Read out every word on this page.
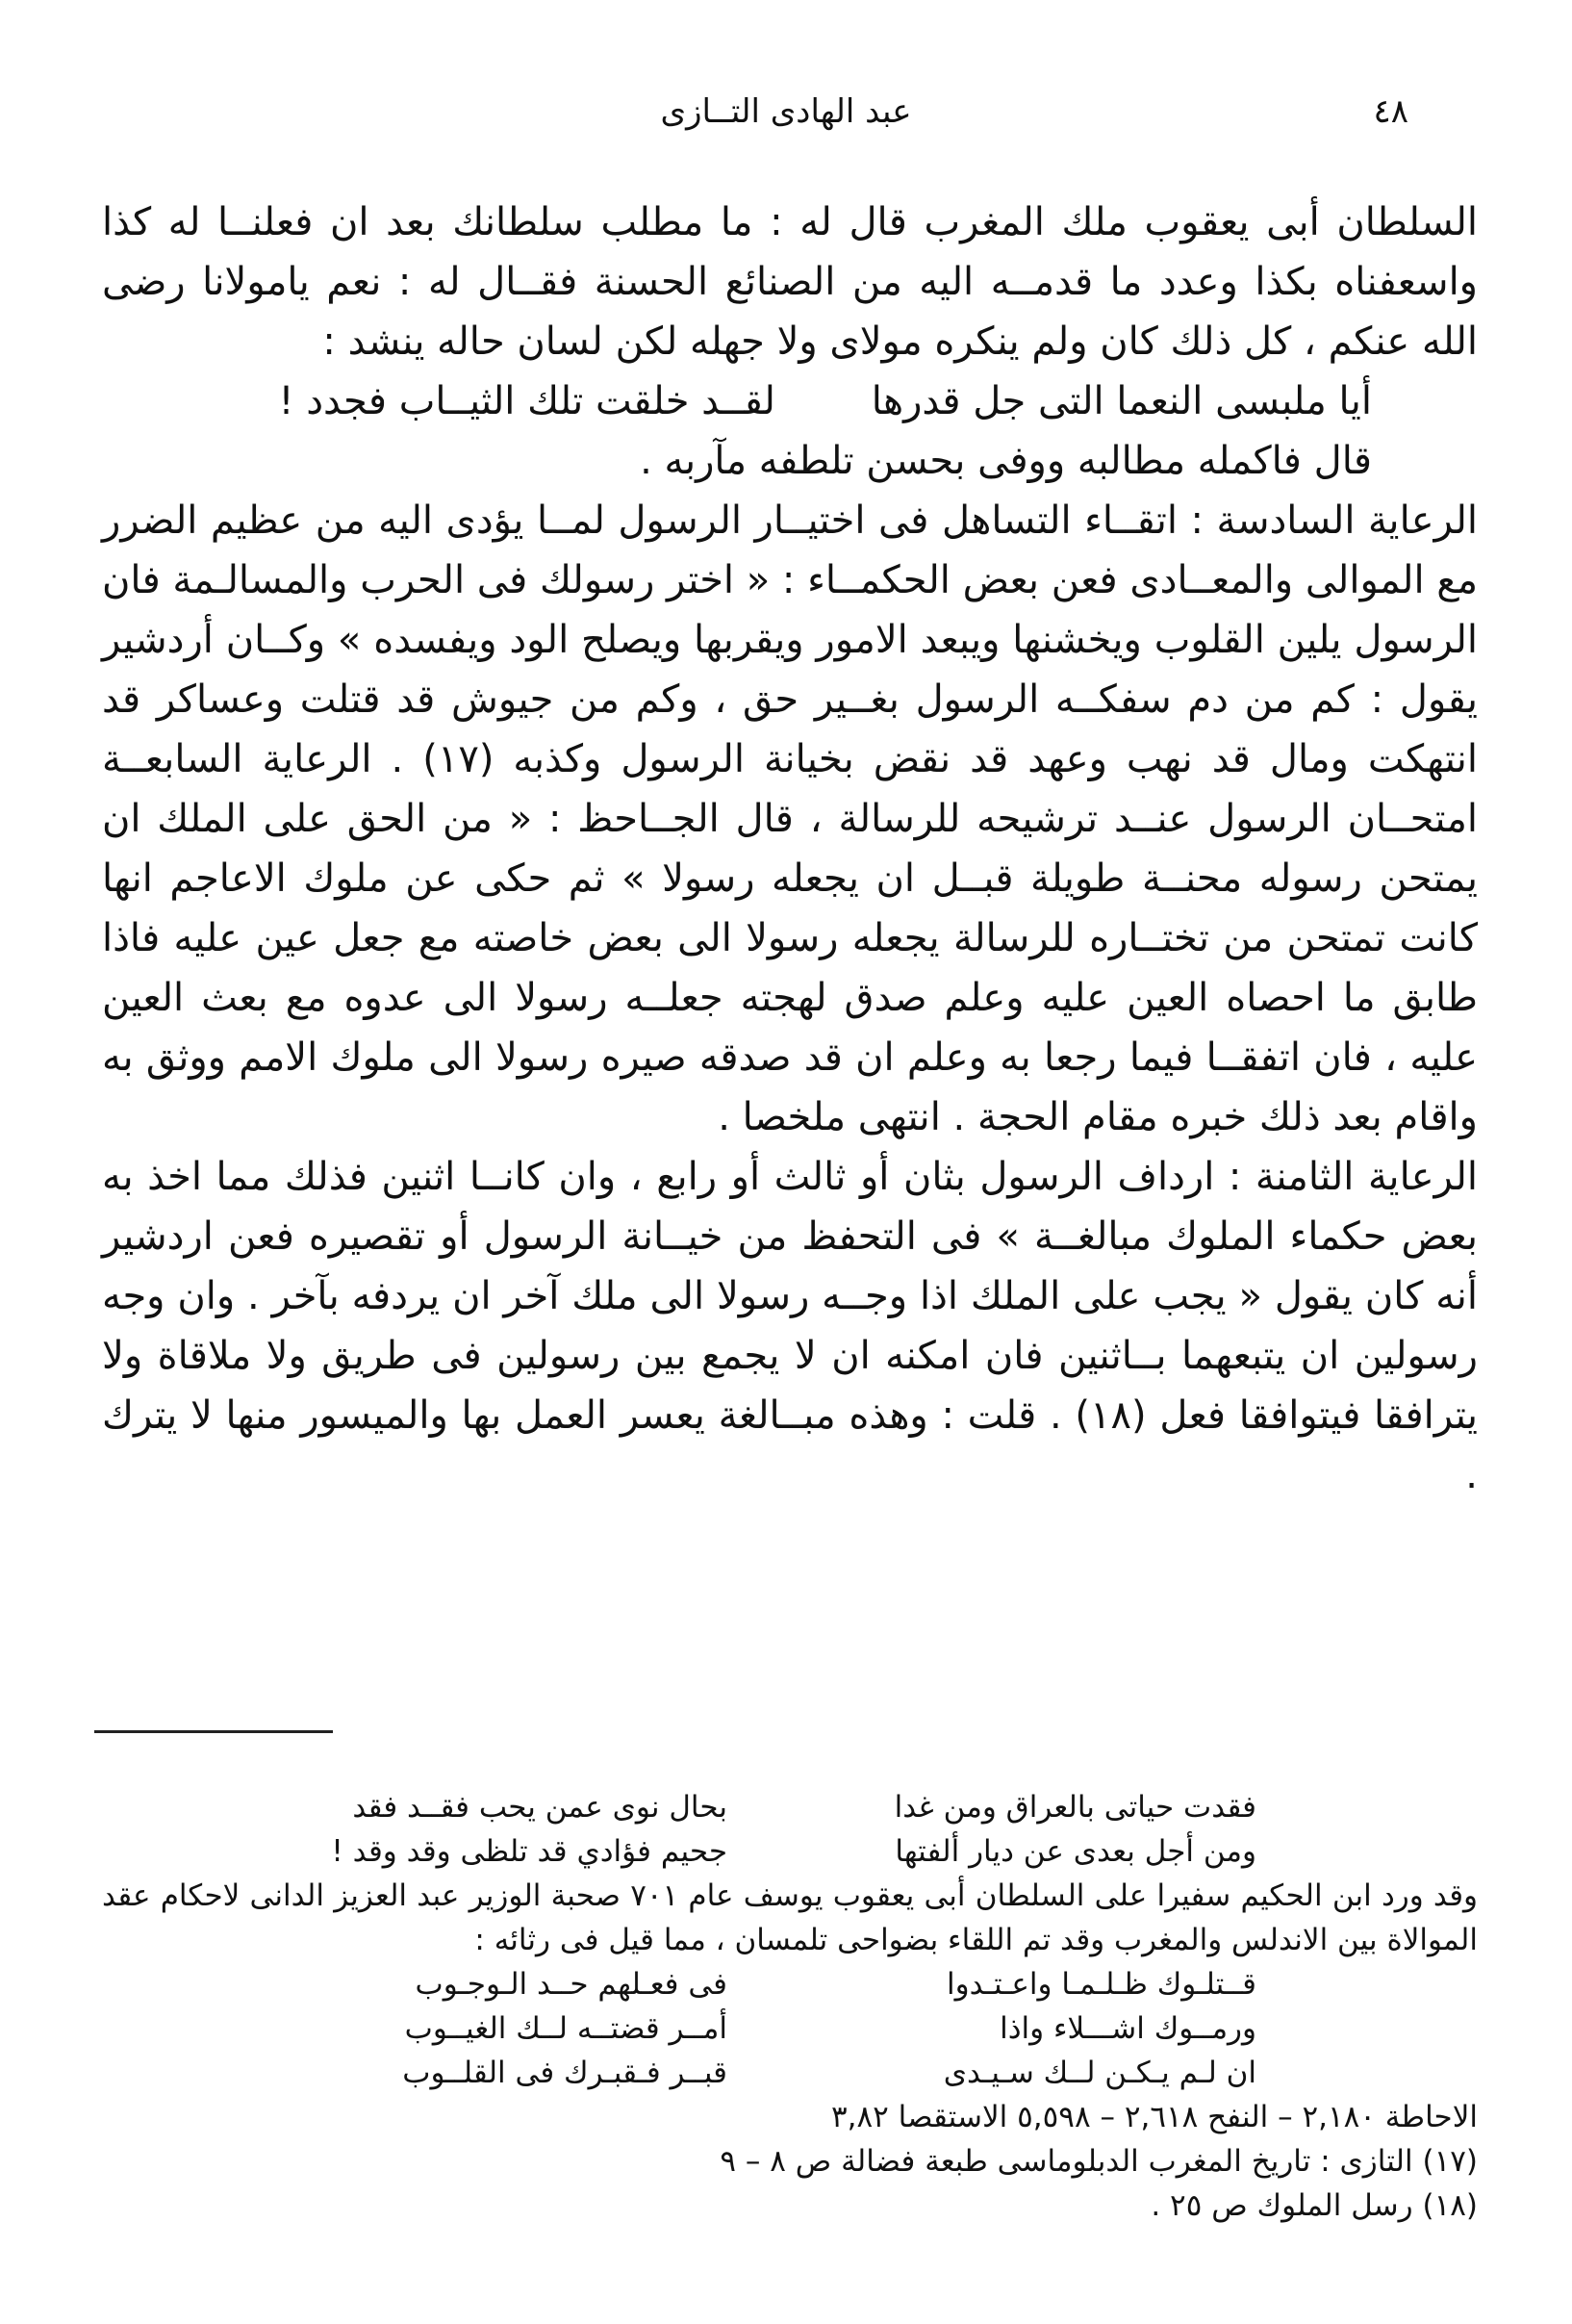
عبد الهادى التــازى	٤٨

السلطان أبى يعقوب ملك المغرب قال له : ما مطلب سلطانك بعد ان فعلنــا له كذا واسعفناه بكذا وعدد ما قدمــه اليه من الصنائع الحسنة فقــال له : نعم يامولانا رضى الله عنكم ، كل ذلك كان ولم ينكره مولاى ولا جهله لكن لسان حاله ينشد :

أيا ملبسى النعما التى جل قدرها
لقــد خلقت تلك الثيــاب فجدد !

قال فاكمله مطالبه ووفى بحسن تلطفه مآربه .

الرعاية السادسة : اتقــاء التساهل فى اختيــار الرسول لمــا يؤدى اليه من عظيم الضرر مع الموالى والمعــادى فعن بعض الحكمــاء : « اختر رسولك فى الحرب والمسالـمة فان الرسول يلين القلوب ويخشنها ويبعد الامور ويقربها ويصلح الود ويفسده » وكــان أردشير يقول : كم من دم سفكــه الرسول بغــير حق ، وكم من جيوش قد قتلت وعساكر قد انتهكت ومال قد نهب وعهد قد نقض بخيانة الرسول وكذبه (١٧) . الرعاية السابعــة امتحــان الرسول عنــد ترشيحه للرسالة ، قال الجــاحظ : « من الحق على الملك ان يمتحن رسوله محنــة طويلة قبــل ان يجعله رسولا » ثم حكى عن ملوك الاعاجم انها كانت تمتحن من تختــاره للرسالة يجعله رسولا الى بعض خاصته مع جعل عين عليه فاذا طابق ما احصاه العين عليه وعلم صدق لهجته جعلــه رسولا الى عدوه مع بعث العين عليه ، فان اتفقــا فيما رجعا به وعلم ان قد صدقه صيره رسولا الى ملوك الامم ووثق به واقام بعد ذلك خبره مقام الحجة . انتهى ملخصا .

الرعاية الثامنة : ارداف الرسول بثان أو ثالث أو رابع ، وان كانــا اثنين فذلك مما اخذ به بعض حكماء الملوك مبالغــة » فى التحفظ من خيــانة الرسول أو تقصيره فعن اردشير أنه كان يقول « يجب على الملك اذا وجــه رسولا الى ملك آخر ان يردفه بآخر . وان وجه رسولين ان يتبعهما بــاثنين فان امكنه ان لا يجمع بين رسولين فى طريق ولا ملاقاة ولا يترافقا فيتوافقا فعل (١٨) . قلت : وهذه مبــالغة يعسر العمل بها والميسور منها لا يترك .

فقدت حياتى بالعراق ومن غدا
بحال نوى عمن يحب فقــد فقد
ومن أجل بعدى عن ديار ألفتها
جحيم فؤادي قد تلظى وقد وقد !

وقد ورد ابن الحكيم سفيرا على السلطان أبى يعقوب يوسف عام ٧٠١ صحبة الوزير عبد العزيز الدانى لاحكام عقد الموالاة بين الاندلس والمغرب وقد تم اللقاء بضواحى تلمسان ، مما قيل فى رثائه :

قــتلـوك ظـلـمـا واعـتـدوا
فى فعـلهم حــد الـوجـوب
ورمــوك اشـــلاء واذا
أمــر قضتــه لــك الغيــوب
ان لـم يـكـن لــك سـيـدى
قبــر فـقبـرك فى القلــوب

الاحاطة ٢,١٨٠ – النفح ٢,٦١٨ – ٥,٥٩٨ الاستقصا ٣,٨٢

(١٧) التازى : تاريخ المغرب الدبلوماسى طبعة فضالة ص ٨ – ٩

(١٨) رسل الملوك ص ٢٥ .
